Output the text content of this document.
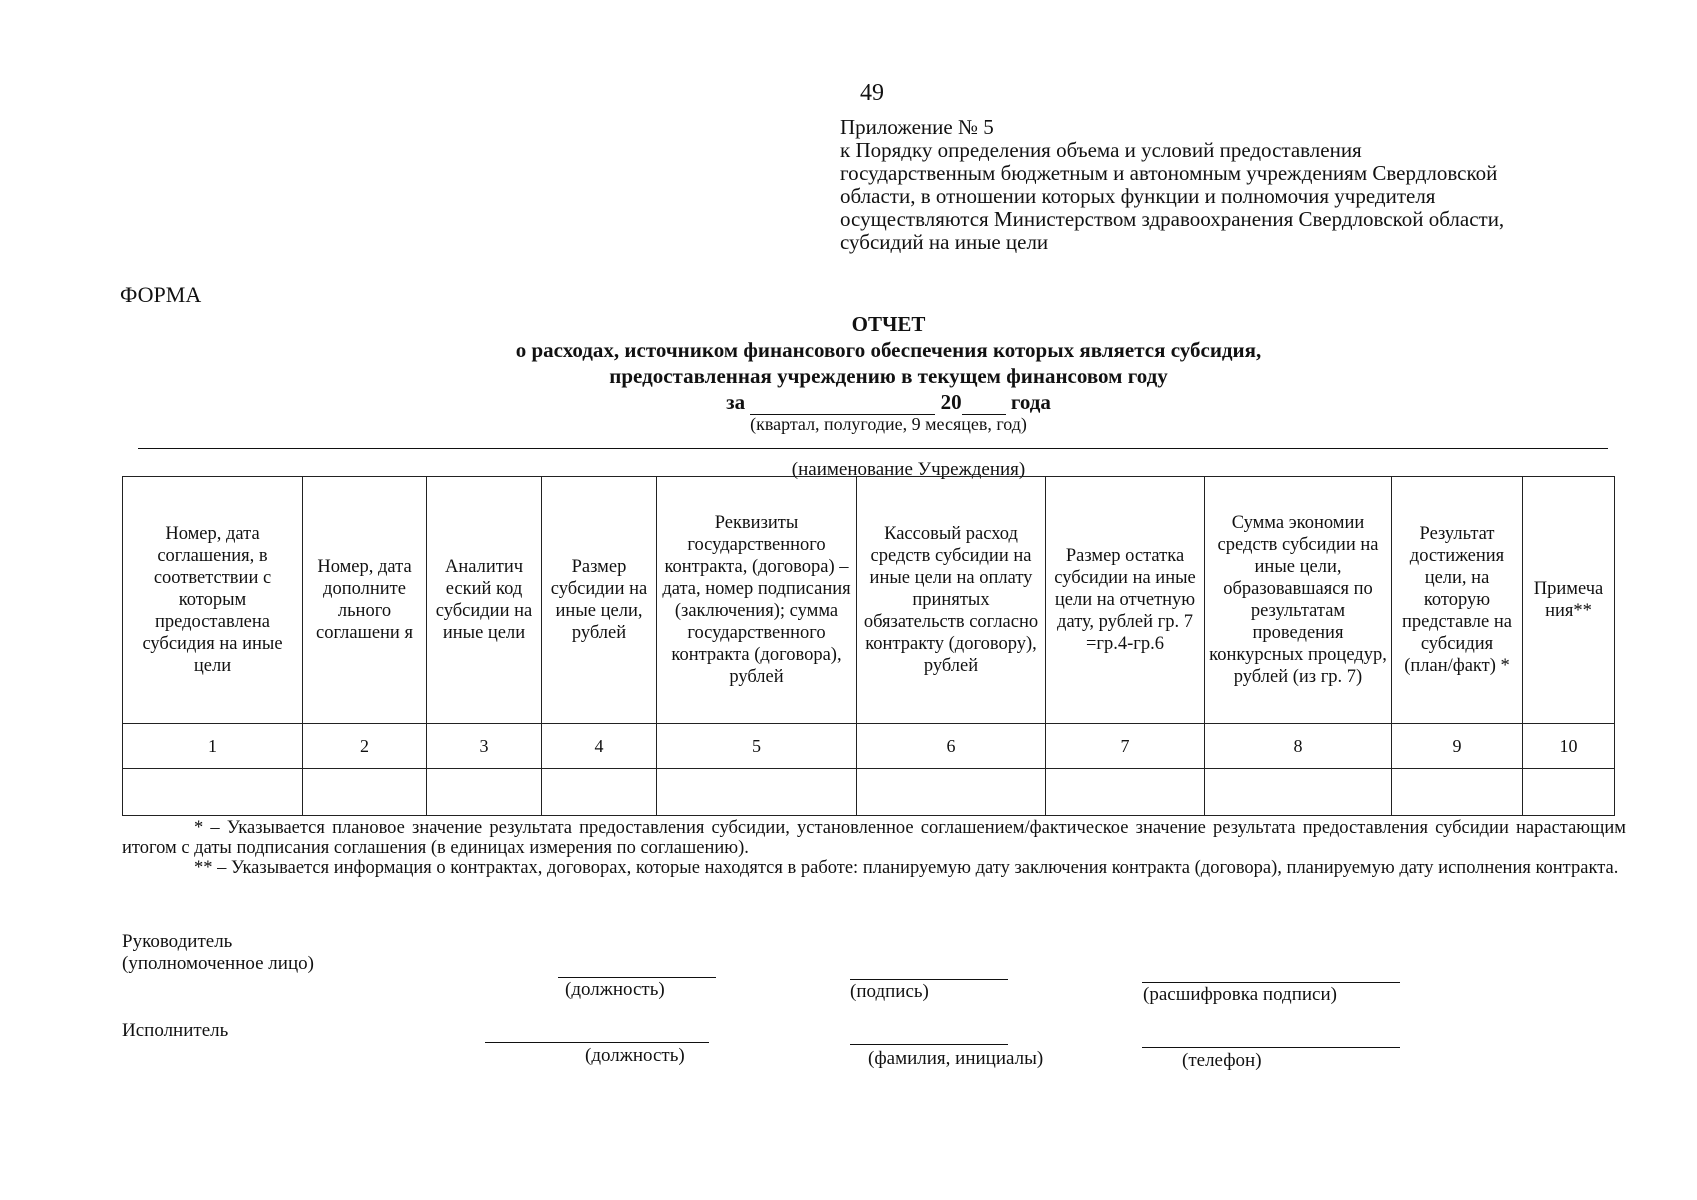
49
Приложение № 5
к Порядку определения объема и условий предоставления
государственным бюджетным и автономным учреждениям Свердловской
области, в отношении которых функции и полномочия учредителя
осуществляются Министерством здравоохранения Свердловской области,
субсидий на иные цели
ФОРМА
ОТЧЕТ
о расходах, источником финансового обеспечения которых является субсидия,
предоставленная учреждению в текущем финансовом году
за	20 года
(квартал, полугодие, 9 месяцев, год)
(наименование Учреждения)
Номер, дата соглашения, в соответствии с которым предоставлена субсидия на иные цели	Номер, дата дополните льного соглашени я	Аналитич еский код субсидии на иные цели	Размер субсидии на иные цели, рублей	Реквизиты государственного контракта, (договора) – дата, номер подписания (заключения); сумма государственного контракта (договора), рублей	Кассовый расход средств субсидии на иные цели на оплату принятых обязательств согласно контракту (договору), рублей	Размер остатка субсидии на иные цели на отчетную дату, рублей гр. 7 =гр.4-гр.6	Сумма экономии средств субсидии на иные цели, образовавшаяся по результатам проведения конкурсных процедур, рублей (из гр. 7)	Результат достижения цели, на которую представле на субсидия (план/факт) *	Примеча ния**
1	2	3	4	5	6	7	8	9	10

* – Указывается плановое значение результата предоставления субсидии, установленное соглашением/фактическое значение результата предоставления субсидии нарастающим итогом с даты подписания соглашения (в единицах измерения по соглашению).

** – Указывается информация о контрактах, договорах, которые находятся в работе: планируемую дату заключения контракта (договора), планируемую дату исполнения контракта.

Руководитель
(уполномоченное лицо)
(должность)	(подпись)	(расшифровка подписи)
Исполнитель
(должность)	(фамилия, инициалы)	(телефон)
